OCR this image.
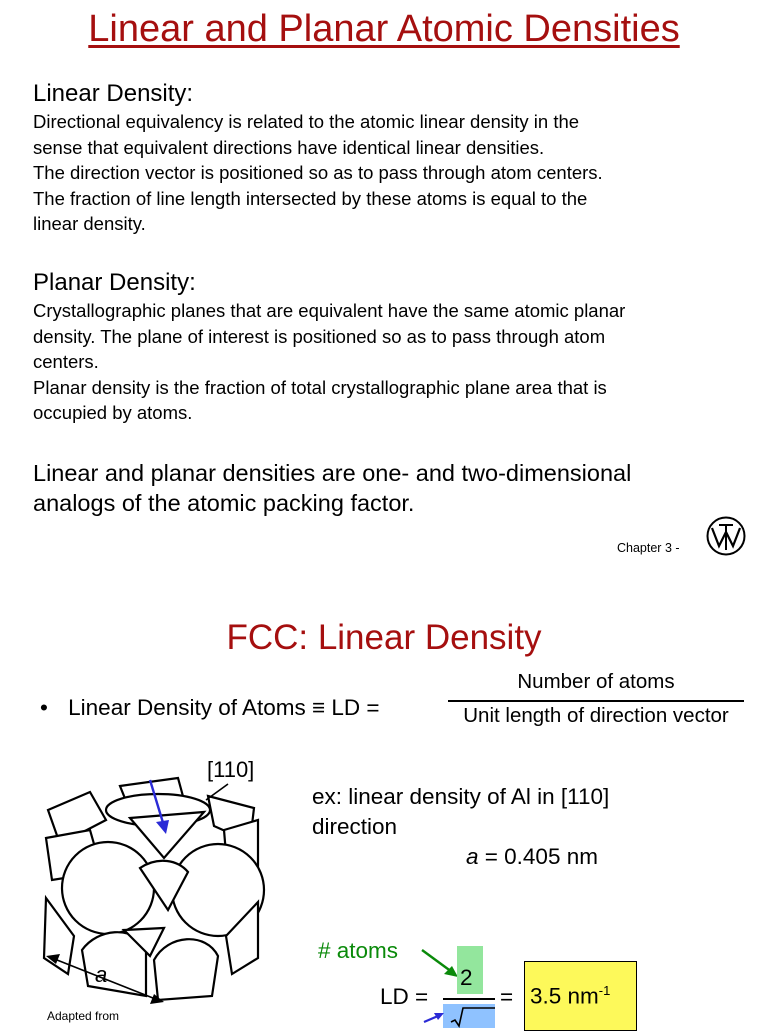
Linear and Planar Atomic Densities
Linear Density:
Directional equivalency is related to the atomic linear density in the
sense that equivalent directions have identical linear densities.
The direction vector is positioned so as to pass through atom centers.
The fraction of line length intersected by these atoms is equal to the
linear density.
Planar Density:
Crystallographic planes that are equivalent have the same atomic planar
density. The plane of interest is positioned so as to pass through atom
centers.
Planar density is the fraction of total crystallographic plane area that is
occupied by atoms.
Linear and planar densities are one- and two-dimensional
analogs of the atomic packing factor.
Chapter 3 -
FCC: Linear Density
• Linear Density of Atoms ≡ LD =
Number of atoms
Unit length of direction vector
[110]
a
Adapted from
ex: linear density of Al in [110]
direction
a = 0.405 nm
# atoms
2
LD =	= 3.5 $nm^{-1}$
